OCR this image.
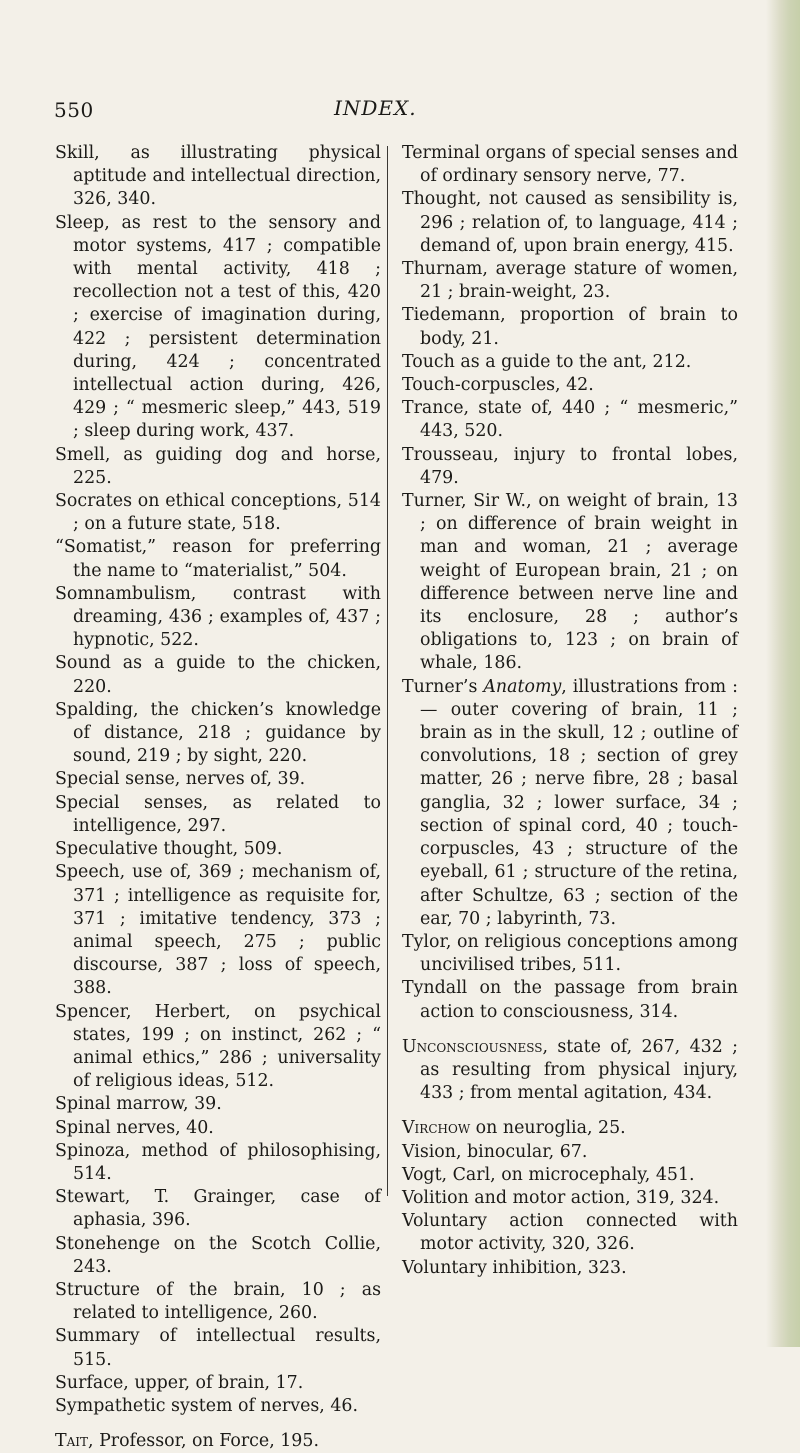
550	INDEX.

Skill, as illustrating physical aptitude and intellectual direction, 326, 340.

Sleep, as rest to the sensory and motor systems, 417 ; compatible with mental activity, 418 ; recollection not a test of this, 420 ; exercise of imagination during, 422 ; persistent determination during, 424 ; concentrated intellectual action during, 426, 429 ; “ mesmeric sleep,” 443, 519 ; sleep during work, 437.

Smell, as guiding dog and horse, 225.

Socrates on ethical conceptions, 514 ; on a future state, 518.

“Somatist,” reason for preferring the name to “materialist,” 504.

Somnambulism, contrast with dreaming, 436 ; examples of, 437 ; hypnotic, 522.

Sound as a guide to the chicken, 220.

Spalding, the chicken’s knowledge of distance, 218 ; guidance by sound, 219 ; by sight, 220.

Special sense, nerves of, 39.

Special senses, as related to intelligence, 297.

Speculative thought, 509.

Speech, use of, 369 ; mechanism of, 371 ; intelligence as requisite for, 371 ; imitative tendency, 373 ; animal speech, 275 ; public discourse, 387 ; loss of speech, 388.

Spencer, Herbert, on psychical states, 199 ; on instinct, 262 ; “ animal ethics,” 286 ; universality of religious ideas, 512.

Spinal marrow, 39.

Spinal nerves, 40.

Spinoza, method of philosophising, 514.

Stewart, T. Grainger, case of aphasia, 396.

Stonehenge on the Scotch Collie, 243.

Structure of the brain, 10 ; as related to intelligence, 260.

Summary of intellectual results, 515.

Surface, upper, of brain, 17.

Sympathetic system of nerves, 46.

Tait, Professor, on Force, 195.

Terminal organs of special senses and of ordinary sensory nerve, 77.

Thought, not caused as sensibility is, 296 ; relation of, to language, 414 ; demand of, upon brain energy, 415.

Thurnam, average stature of women, 21 ; brain-weight, 23.

Tiedemann, proportion of brain to body, 21.

Touch as a guide to the ant, 212.

Touch-corpuscles, 42.

Trance, state of, 440 ; “ mesmeric,” 443, 520.

Trousseau, injury to frontal lobes, 479.

Turner, Sir W., on weight of brain, 13 ; on difference of brain weight in man and woman, 21 ; average weight of European brain, 21 ; on difference between nerve line and its enclosure, 28 ; author’s obligations to, 123 ; on brain of whale, 186.

Turner’s Anatomy, illustrations from :— outer covering of brain, 11 ; brain as in the skull, 12 ; outline of convolutions, 18 ; section of grey matter, 26 ; nerve fibre, 28 ; basal ganglia, 32 ; lower surface, 34 ; section of spinal cord, 40 ; touch-corpuscles, 43 ; structure of the eyeball, 61 ; structure of the retina, after Schultze, 63 ; section of the ear, 70 ; labyrinth, 73.

Tylor, on religious conceptions among uncivilised tribes, 511.

Tyndall on the passage from brain action to consciousness, 314.

Unconsciousness, state of, 267, 432 ; as resulting from physical injury, 433 ; from mental agitation, 434.

Virchow on neuroglia, 25.

Vision, binocular, 67.

Vogt, Carl, on microcephaly, 451.

Volition and motor action, 319, 324.

Voluntary action connected with motor activity, 320, 326.

Voluntary inhibition, 323.
